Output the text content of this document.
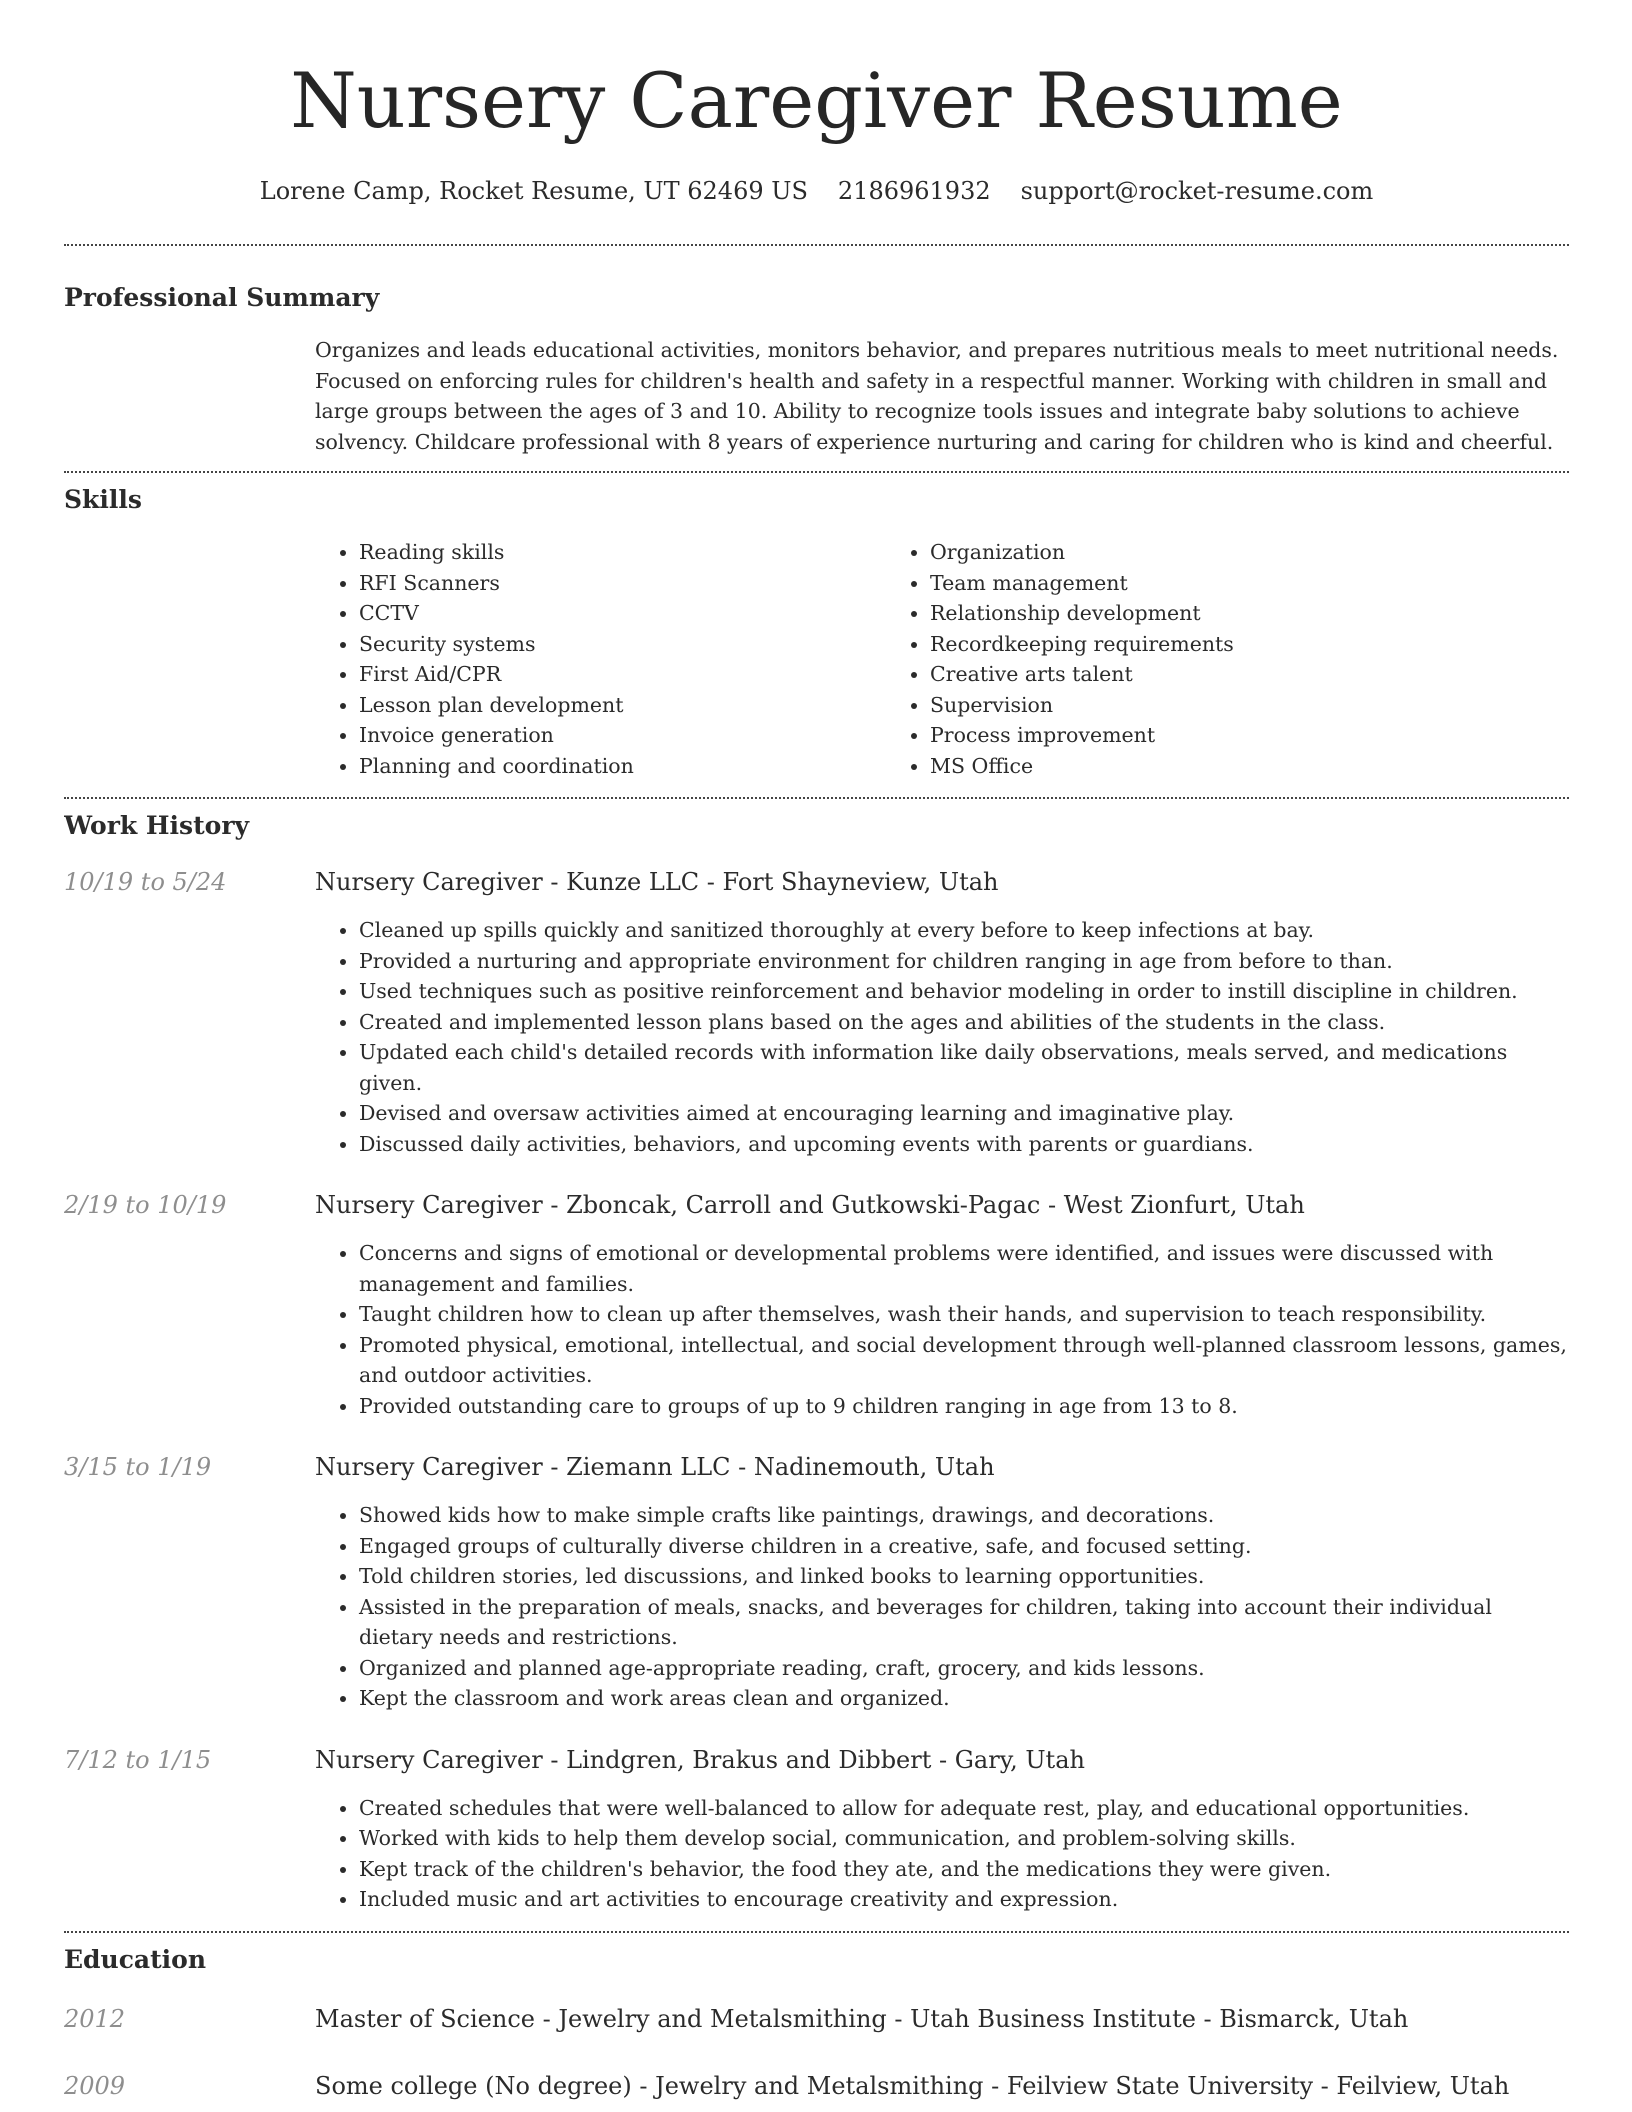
Nursery Caregiver Resume
Lorene Camp, Rocket Resume, UT 62469 US 2186961932 support@rocket-resume.com
Professional Summary

Organizes and leads educational activities, monitors behavior, and prepares nutritious meals to meet nutritional needs. Focused on enforcing rules for children's health and safety in a respectful manner. Working with children in small and large groups between the ages of 3 and 10. Ability to recognize tools issues and integrate baby solutions to achieve solvency. Childcare professional with 8 years of experience nurturing and caring for children who is kind and cheerful.

Skills
• Reading skills
• RFI Scanners
• CCTV
• Security systems
• First Aid/CPR
• Lesson plan development
• Invoice generation
• Planning and coordination
• Organization
• Team management
• Relationship development
• Recordkeeping requirements
• Creative arts talent
• Supervision
• Process improvement
• MS Office
Work History
10/19 to 5/24	Nursery Caregiver - Kunze LLC - Fort Shayneview, Utah
• Cleaned up spills quickly and sanitized thoroughly at every before to keep infections at bay.
• Provided a nurturing and appropriate environment for children ranging in age from before to than.
• Used techniques such as positive reinforcement and behavior modeling in order to instill discipline in children.
• Created and implemented lesson plans based on the ages and abilities of the students in the class.
• Updated each child's detailed records with information like daily observations, meals served, and medications given.
• Devised and oversaw activities aimed at encouraging learning and imaginative play.
• Discussed daily activities, behaviors, and upcoming events with parents or guardians.
2/19 to 10/19	Nursery Caregiver - Zboncak, Carroll and Gutkowski-Pagac - West Zionfurt, Utah
• Concerns and signs of emotional or developmental problems were identified, and issues were discussed with management and families.
• Taught children how to clean up after themselves, wash their hands, and supervision to teach responsibility.
• Promoted physical, emotional, intellectual, and social development through well-planned classroom lessons, games, and outdoor activities.
• Provided outstanding care to groups of up to 9 children ranging in age from 13 to 8.
3/15 to 1/19	Nursery Caregiver - Ziemann LLC - Nadinemouth, Utah
• Showed kids how to make simple crafts like paintings, drawings, and decorations.
• Engaged groups of culturally diverse children in a creative, safe, and focused setting.
• Told children stories, led discussions, and linked books to learning opportunities.
• Assisted in the preparation of meals, snacks, and beverages for children, taking into account their individual dietary needs and restrictions.
• Organized and planned age-appropriate reading, craft, grocery, and kids lessons.
• Kept the classroom and work areas clean and organized.
7/12 to 1/15	Nursery Caregiver - Lindgren, Brakus and Dibbert - Gary, Utah
• Created schedules that were well-balanced to allow for adequate rest, play, and educational opportunities.
• Worked with kids to help them develop social, communication, and problem-solving skills.
• Kept track of the children's behavior, the food they ate, and the medications they were given.
• Included music and art activities to encourage creativity and expression.
Education
2012	Master of Science - Jewelry and Metalsmithing - Utah Business Institute - Bismarck, Utah
2009	Some college (No degree) - Jewelry and Metalsmithing - Feilview State University - Feilview, Utah
